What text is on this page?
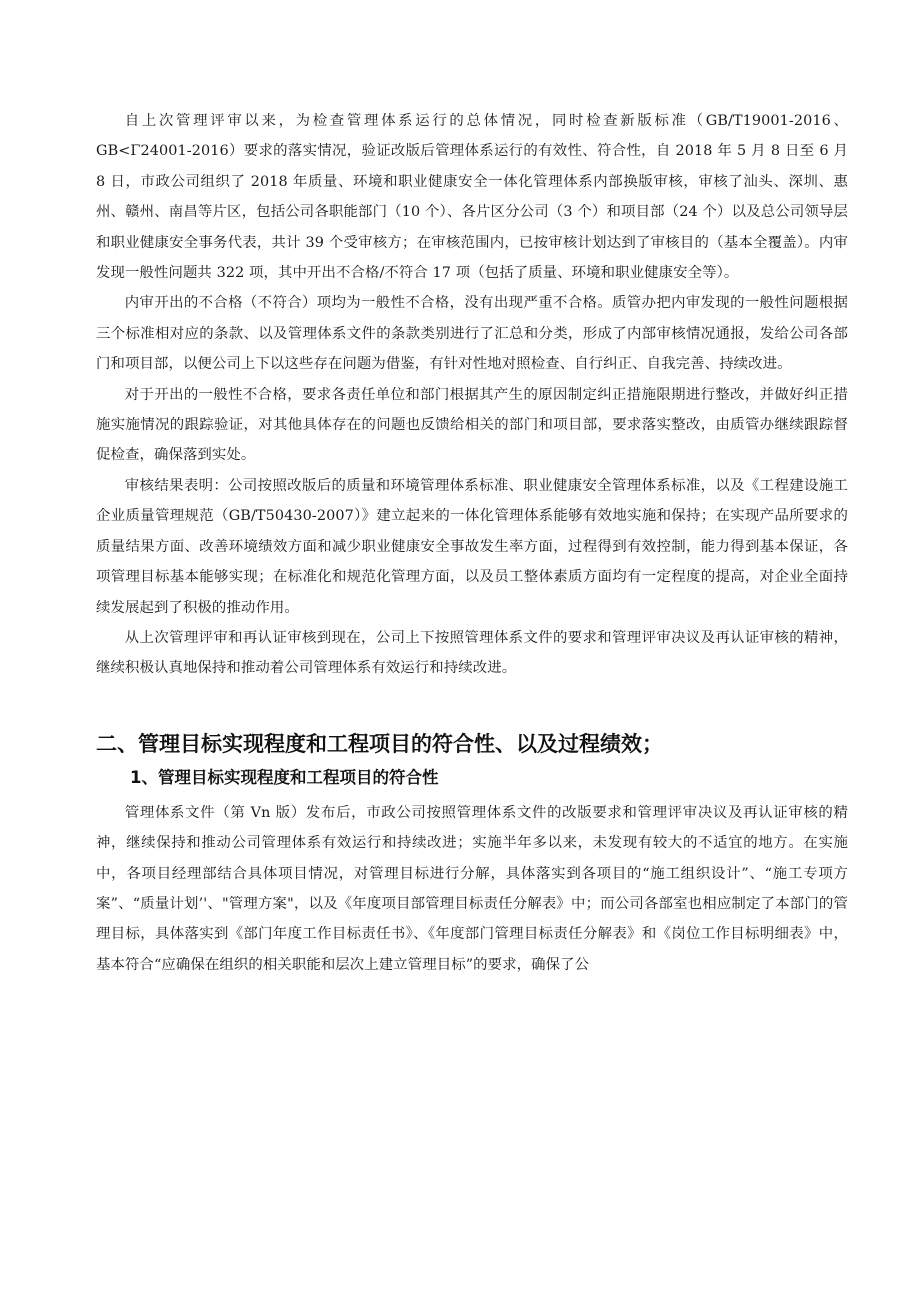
自上次管理评审以来，为检查管理体系运行的总体情况，同时检查新版标准（GB/T19001-2016、GB<Γ24001-2016）要求的落实情况，验证改版后管理体系运行的有效性、符合性，自 2018 年 5 月 8 日至 6 月 8 日，市政公司组织了 2018 年质量、环境和职业健康安全一体化管理体系内部换版审核，审核了汕头、深圳、惠州、赣州、南昌等片区，包括公司各职能部门（10 个）、各片区分公司（3 个）和项目部（24 个）以及总公司领导层和职业健康安全事务代表，共计 39 个受审核方；在审核范围内，已按审核计划达到了审核目的（基本全覆盖）。内审发现一般性问题共 322 项，其中开出不合格/不符合 17 项（包括了质量、环境和职业健康安全等）。

内审开出的不合格（不符合）项均为一般性不合格，没有出现严重不合格。质管办把内审发现的一般性问题根据三个标准相对应的条款、以及管理体系文件的条款类别进行了汇总和分类，形成了内部审核情况通报，发给公司各部门和项目部，以便公司上下以这些存在问题为借鉴，有针对性地对照检查、自行纠正、自我完善、持续改进。

对于开出的一般性不合格，要求各责任单位和部门根据其产生的原因制定纠正措施限期进行整改，并做好纠正措施实施情况的跟踪验证，对其他具体存在的问题也反馈给相关的部门和项目部，要求落实整改，由质管办继续跟踪督促检查，确保落到实处。

审核结果表明：公司按照改版后的质量和环境管理体系标准、职业健康安全管理体系标准，以及《工程建设施工企业质量管理规范（GB/T50430-2007）》建立起来的一体化管理体系能够有效地实施和保持；在实现产品所要求的质量结果方面、改善环境绩效方面和减少职业健康安全事故发生率方面，过程得到有效控制，能力得到基本保证，各项管理目标基本能够实现；在标准化和规范化管理方面，以及员工整体素质方面均有一定程度的提高，对企业全面持续发展起到了积极的推动作用。

从上次管理评审和再认证审核到现在，公司上下按照管理体系文件的要求和管理评审决议及再认证审核的精神，继续积极认真地保持和推动着公司管理体系有效运行和持续改进。

二、管理目标实现程度和工程项目的符合性、以及过程绩效；
1、管理目标实现程度和工程项目的符合性

管理体系文件（第 Vn 版）发布后，市政公司按照管理体系文件的改版要求和管理评审决议及再认证审核的精神，继续保持和推动公司管理体系有效运行和持续改进；实施半年多以来，未发现有较大的不适宜的地方。在实施中，各项目经理部结合具体项目情况，对管理目标进行分解，具体落实到各项目的“施工组织设计”、“施工专项方案”、“质量计划’'、"管理方案"，以及《年度项目部管理目标责任分解表》中；而公司各部室也相应制定了本部门的管理目标，具体落实到《部门年度工作目标责任书》、《年度部门管理目标责任分解表》和《岗位工作目标明细表》中，基本符合“应确保在组织的相关职能和层次上建立管理目标”的要求，确保了公
